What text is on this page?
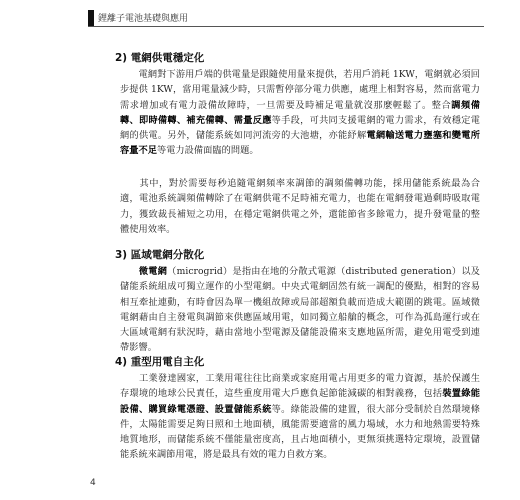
鋰離子電池基礎與應用
2) 電網供電穩定化
　　電網對下游用戶端的供電量是跟隨使用量來提供，若用戶消耗 1KW，電網就必須回步提供 1KW，當用電量減少時，只需暫停部分電力供應，處理上相對容易，然而當電力需求增加或有電力設備故障時，一旦需要及時補足電量就沒那麼輕鬆了。整合調頻備轉、即時備轉、補充備轉、需量反應等手段，可共同支援電網的電力需求，有效穩定電網的供電。另外，儲能系統如同河流旁的大池塘，亦能紓解電網輸送電力壅塞和變電所容量不足等電力設備面臨的問題。
　　其中，對於需要每秒追隨電網頻率來調節的調頻備轉功能，採用儲能系統最為合適，電池系統調頻備轉除了在電網供電不足時補充電力，也能在電網發電過剩時吸取電力，獲致裁長補短之功用，在穩定電網供電之外，還能節省多餘電力，提升發電量的整體使用效率。
3) 區域電網分散化
　　微電網（microgrid）是指由在地的分散式電源（distributed generation）以及儲能系統組成可獨立運作的小型電網。中央式電網固然有統一調配的優點，相對的容易相互牽扯連動，有時會因為單一機組故障或局部超額負載而造成大範圍的跳電。區域微電網藉由自主發電與調節來供應區域用電，如同獨立船艙的概念，可作為孤島運行或在大區域電網有狀況時，藉由當地小型電源及儲能設備來支應地區所需，避免用電受到連帶影響。
4) 重型用電自主化
　　工業發達國家，工業用電往往比商業或家庭用電占用更多的電力資源，基於保護生存環境的地球公民責任，這些重度用電大戶應負起節能減碳的相對義務，包括裝置綠能設備、購買綠電憑證、設置儲能系統等。綠能設備的建置，很大部分受制於自然環境條件，太陽能需要足夠日照和土地面積，風能需要適當的風力場域，水力和地熱需要特殊地質地形，而儲能系統不僅能量密度高，且占地面積小，更無須挑選特定環境，設置儲能系統來調節用電，將是最具有效的電力自救方案。
4
